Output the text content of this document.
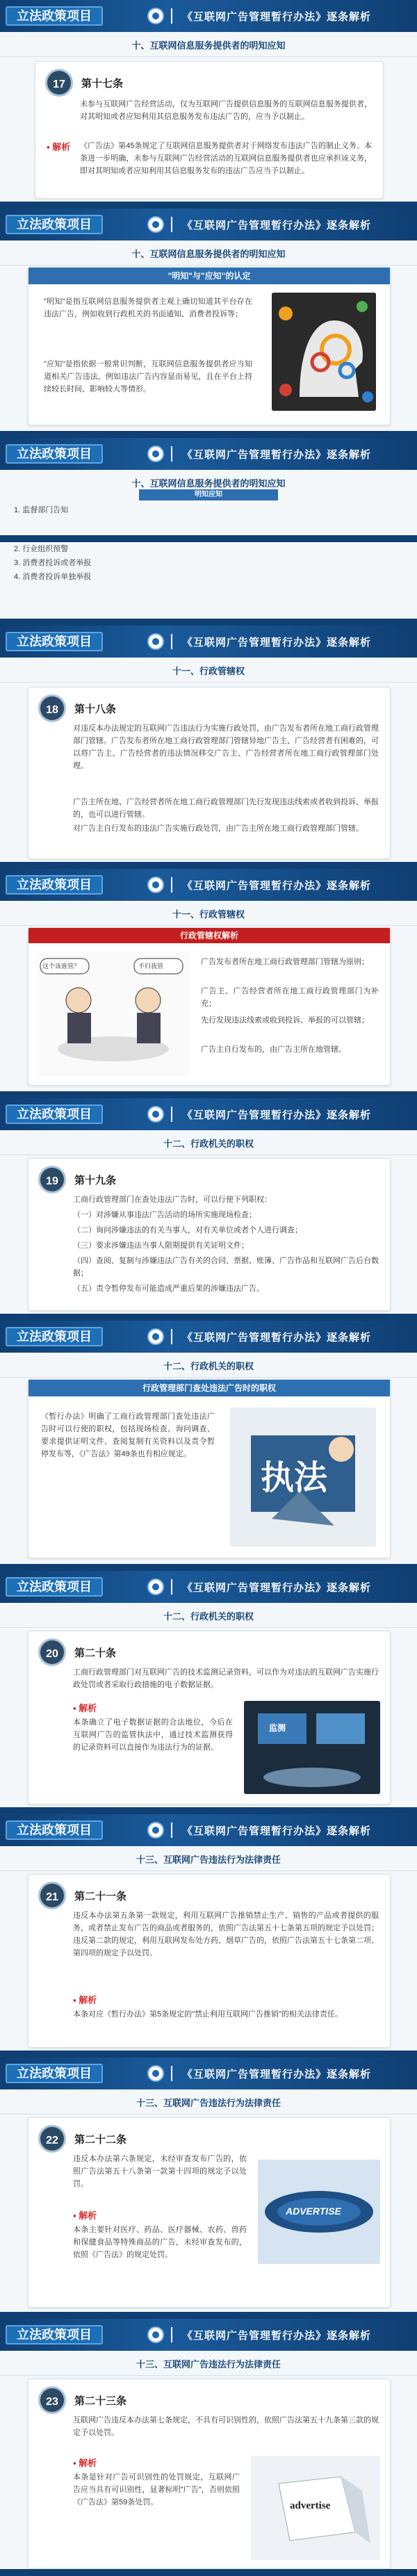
立法政策项目	《互联网广告管理暂行办法》逐条解析
十、互联网信息服务提供者的明知应知
17	第十七条
未参与互联网广告经营活动，仅为互联网广告提供信息服务的互联网信息服务提供者，对其明知或者应知利用其信息服务发布违法广告的，应当予以制止。
▪ 解析 《广告法》第45条规定了互联网信息服务提供者对于网络发布违法广告的制止义务。本条进一步明确，未参与互联网广告经营活动的互联网信息服务提供者也应承担该义务，即对其明知或者应知利用其信息服务发布的违法广告应当予以制止。
立法政策项目	《互联网广告管理暂行办法》逐条解析
十、互联网信息服务提供者的明知应知
"明知"与"应知"的认定
"明知"是指互联网信息服务提供者主观上确切知道其平台存在违法广告，例如收到行政机关的书面通知、消费者投诉等；
"应知"是指依据一般常识判断，互联网信息服务提供者应当知道相关广告违法，例如违法广告内容显而易见，且在平台上持续较长时间、影响较大等情形。
立法政策项目	《互联网广告管理暂行办法》逐条解析
十、互联网信息服务提供者的明知应知
明知应知
1. 监督部门告知
2. 行业组织预警
3. 消费者投诉或者举报
4. 消费者投诉单独举报
立法政策项目	《互联网广告管理暂行办法》逐条解析
十一、行政管辖权
18	第十八条
对违反本办法规定的互联网广告违法行为实施行政处罚，由广告发布者所在地工商行政管理部门管辖。广告发布者所在地工商行政管理部门管辖异地广告主、广告经营者有困难的，可以将广告主、广告经营者的违法情况移交广告主、广告经营者所在地工商行政管理部门处理。
广告主所在地、广告经营者所在地工商行政管理部门先行发现违法线索或者收到投诉、举报的，也可以进行管辖。
对广告主自行发布的违法广告实施行政处罚，由广告主所在地工商行政管理部门管辖。
立法政策项目	《互联网广告管理暂行办法》逐条解析
十一、行政管辖权
行政管辖权解析
这个该谁管？	不归我管	广告发布者所在地工商行政管理部门管辖为原则；
广告主、广告经营者所在地工商行政管理部门为补充；
先行发现违法线索或收到投诉、举报的可以管辖；
广告主自行发布的，由广告主所在地管辖。
立法政策项目	《互联网广告管理暂行办法》逐条解析
十二、行政机关的职权
19	第十九条
工商行政管理部门在查处违法广告时，可以行使下列职权：
（一）对涉嫌从事违法广告活动的场所实施现场检查；
（二）询问涉嫌违法的有关当事人，对有关单位或者个人进行调查；
（三）要求涉嫌违法当事人限期提供有关证明文件；
（四）查阅、复制与涉嫌违法广告有关的合同、票据、账簿、广告作品和互联网广告后台数据；
（五）责令暂停发布可能造成严重后果的涉嫌违法广告。
立法政策项目	《互联网广告管理暂行办法》逐条解析
十二、行政机关的职权
行政管理部门查处违法广告时的职权
《暂行办法》明确了工商行政管理部门查处违法广告时可以行使的职权，包括现场检查、询问调查、要求提供证明文件、查阅复制有关资料以及责令暂停发布等，《广告法》第49条也有相应规定。
执法
立法政策项目	《互联网广告管理暂行办法》逐条解析
十二、行政机关的职权
20	第二十条
工商行政管理部门对互联网广告的技术监测记录资料，可以作为对违法的互联网广告实施行政处罚或者采取行政措施的电子数据证据。
▪ 解析
本条确立了电子数据证据的合法地位，今后在互联网广告的监管执法中，通过技术监测获得的记录资料可以直接作为违法行为的证据。
监测
立法政策项目	《互联网广告管理暂行办法》逐条解析
十三、互联网广告违法行为法律责任
21	第二十一条
违反本办法第五条第一款规定，利用互联网广告推销禁止生产、销售的产品或者提供的服务，或者禁止发布广告的商品或者服务的，依照广告法第五十七条第五项的规定予以处罚；违反第二款的规定，利用互联网发布处方药、烟草广告的，依照广告法第五十七条第二项、第四项的规定予以处罚。
▪ 解析
本条对应《暂行办法》第5条规定的"禁止利用互联网广告推销"的相关法律责任。
立法政策项目	《互联网广告管理暂行办法》逐条解析
十三、互联网广告违法行为法律责任
22	第二十二条
违反本办法第六条规定，未经审查发布广告的，依照广告法第五十八条第一款第十四项的规定予以处罚。
▪ 解析
本条主要针对医疗、药品、医疗器械、农药、兽药和保健食品等特殊商品的广告，未经审查发布的，依照《广告法》的规定处罚。
ADVERTISE
立法政策项目	《互联网广告管理暂行办法》逐条解析
十三、互联网广告违法行为法律责任
23	第二十三条
互联网广告违反本办法第七条规定，不具有可识别性的，依照广告法第五十九条第三款的规定予以处罚。
▪ 解析
本条是针对广告可识别性的处罚规定，互联网广告应当具有可识别性，显著标明"广告"，否则依照《广告法》第59条处罚。	advertise
